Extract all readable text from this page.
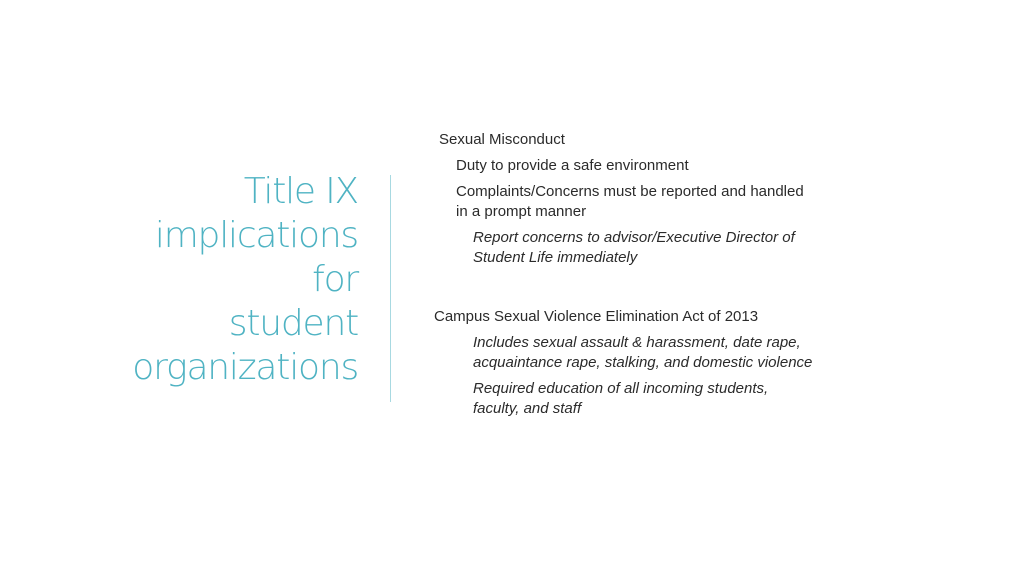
Title IX
implications
for
student
organizations
Sexual Misconduct
Duty to provide a safe environment
Complaints/Concerns must be reported and handled
in a prompt manner
Report concerns to advisor/Executive Director of
Student Life immediately
Campus Sexual Violence Elimination Act of 2013
Includes sexual assault & harassment, date rape,
acquaintance rape, stalking, and domestic violence
Required education of all incoming students,
faculty, and staff
